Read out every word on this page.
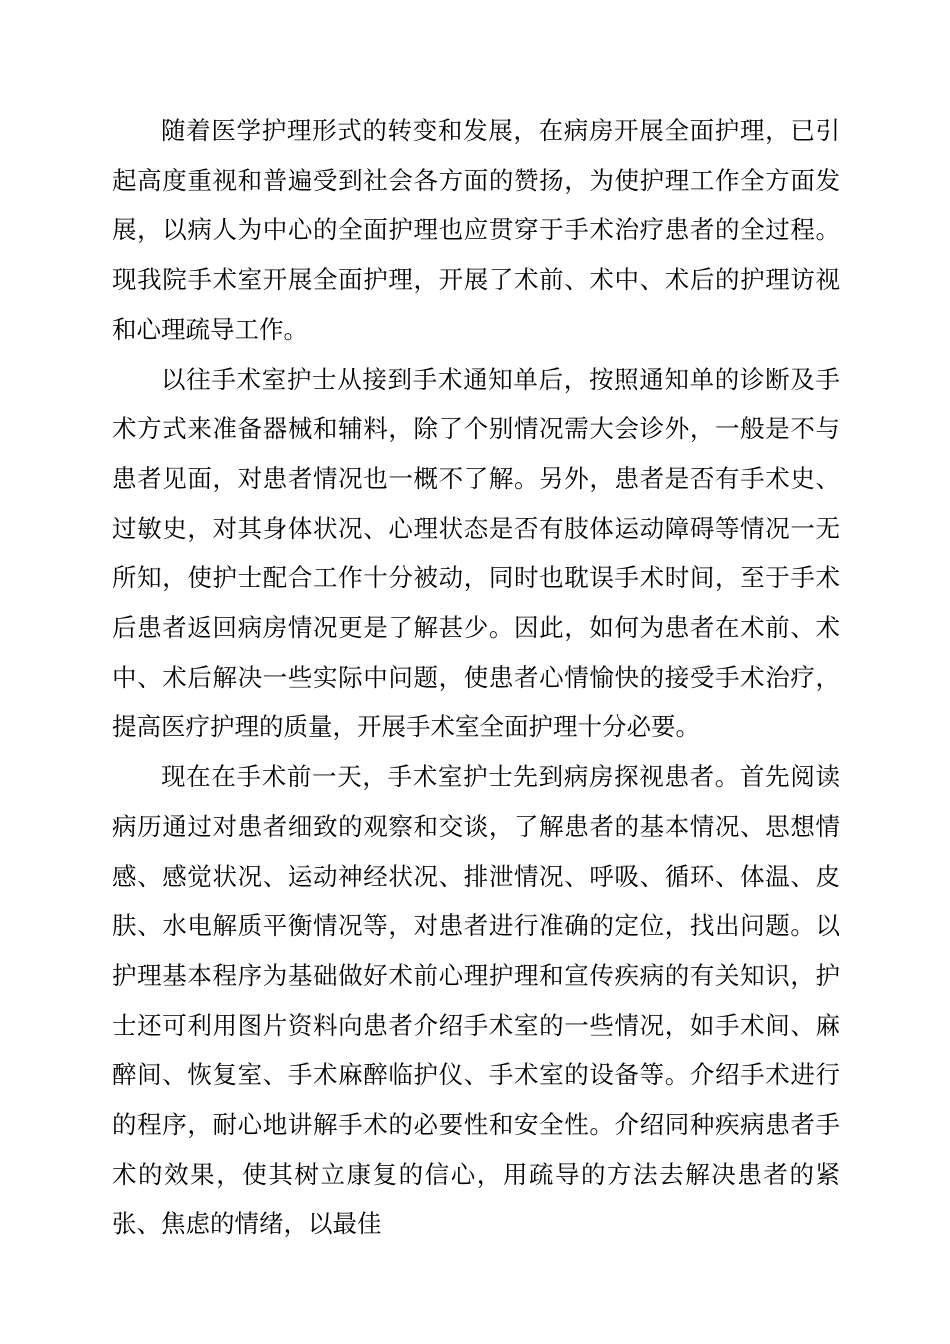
随着医学护理形式的转变和发展，在病房开展全面护理，已引起高度重视和普遍受到社会各方面的赞扬，为使护理工作全方面发展，以病人为中心的全面护理也应贯穿于手术治疗患者的全过程。现我院手术室开展全面护理，开展了术前、术中、术后的护理访视和心理疏导工作。

以往手术室护士从接到手术通知单后，按照通知单的诊断及手术方式来准备器械和辅料，除了个别情况需大会诊外，一般是不与患者见面，对患者情况也一概不了解。另外，患者是否有手术史、过敏史，对其身体状况、心理状态是否有肢体运动障碍等情况一无所知，使护士配合工作十分被动，同时也耽误手术时间，至于手术后患者返回病房情况更是了解甚少。因此，如何为患者在术前、术中、术后解决一些实际中问题，使患者心情愉快的接受手术治疗，提高医疗护理的质量，开展手术室全面护理十分必要。

现在在手术前一天，手术室护士先到病房探视患者。首先阅读病历通过对患者细致的观察和交谈，了解患者的基本情况、思想情感、感觉状况、运动神经状况、排泄情况、呼吸、循环、体温、皮肤、水电解质平衡情况等，对患者进行准确的定位，找出问题。以护理基本程序为基础做好术前心理护理和宣传疾病的有关知识，护士还可利用图片资料向患者介绍手术室的一些情况，如手术间、麻醉间、恢复室、手术麻醉临护仪、手术室的设备等。介绍手术进行的程序，耐心地讲解手术的必要性和安全性。介绍同种疾病患者手术的效果，使其树立康复的信心，用疏导的方法去解决患者的紧张、焦虑的情绪，以最佳
